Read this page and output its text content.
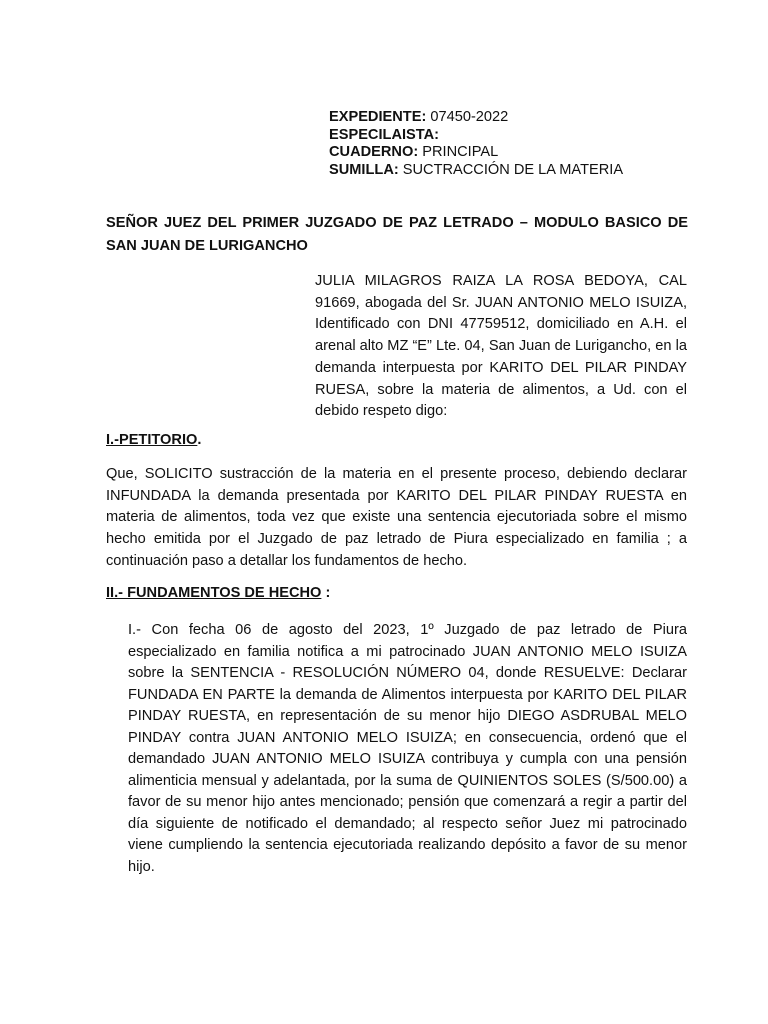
EXPEDIENTE: 07450-2022
ESPECILAISTA:
CUADERNO: PRINCIPAL
SUMILLA: SUCTRACCIÓN DE LA MATERIA
SEÑOR JUEZ DEL PRIMER JUZGADO DE PAZ LETRADO – MODULO BASICO DE SAN JUAN DE LURIGANCHO
JULIA MILAGROS RAIZA LA ROSA BEDOYA, CAL 91669, abogada del Sr. JUAN ANTONIO MELO ISUIZA, Identificado con DNI 47759512, domiciliado en A.H. el arenal alto MZ “E” Lte. 04, San Juan de Lurigancho, en la demanda interpuesta por KARITO DEL PILAR PINDAY RUESA, sobre la materia de alimentos, a Ud. con el debido respeto digo:
I.-PETITORIO.
Que, SOLICITO sustracción de la materia en el presente proceso, debiendo declarar INFUNDADA la demanda presentada por KARITO DEL PILAR PINDAY RUESTA en materia de alimentos, toda vez que existe una sentencia ejecutoriada sobre el mismo hecho emitida por el Juzgado de paz letrado de Piura especializado en familia ; a continuación paso a detallar los fundamentos de hecho.
II.- FUNDAMENTOS DE HECHO :
I.- Con fecha 06 de agosto del 2023, 1º Juzgado de paz letrado de Piura especializado en familia notifica a mi patrocinado JUAN ANTONIO MELO ISUIZA sobre la SENTENCIA - RESOLUCIÓN NÚMERO 04, donde RESUELVE: Declarar FUNDADA EN PARTE la demanda de Alimentos interpuesta por KARITO DEL PILAR PINDAY RUESTA, en representación de su menor hijo DIEGO ASDRUBAL MELO PINDAY contra JUAN ANTONIO MELO ISUIZA; en consecuencia, ordenó que el demandado JUAN ANTONIO MELO ISUIZA contribuya y cumpla con una pensión alimenticia mensual y adelantada, por la suma de QUINIENTOS SOLES (S/500.00) a favor de su menor hijo antes mencionado; pensión que comenzará a regir a partir del día siguiente de notificado el demandado; al respecto señor Juez mi patrocinado viene cumpliendo la sentencia ejecutoriada realizando depósito a favor de su menor hijo.
